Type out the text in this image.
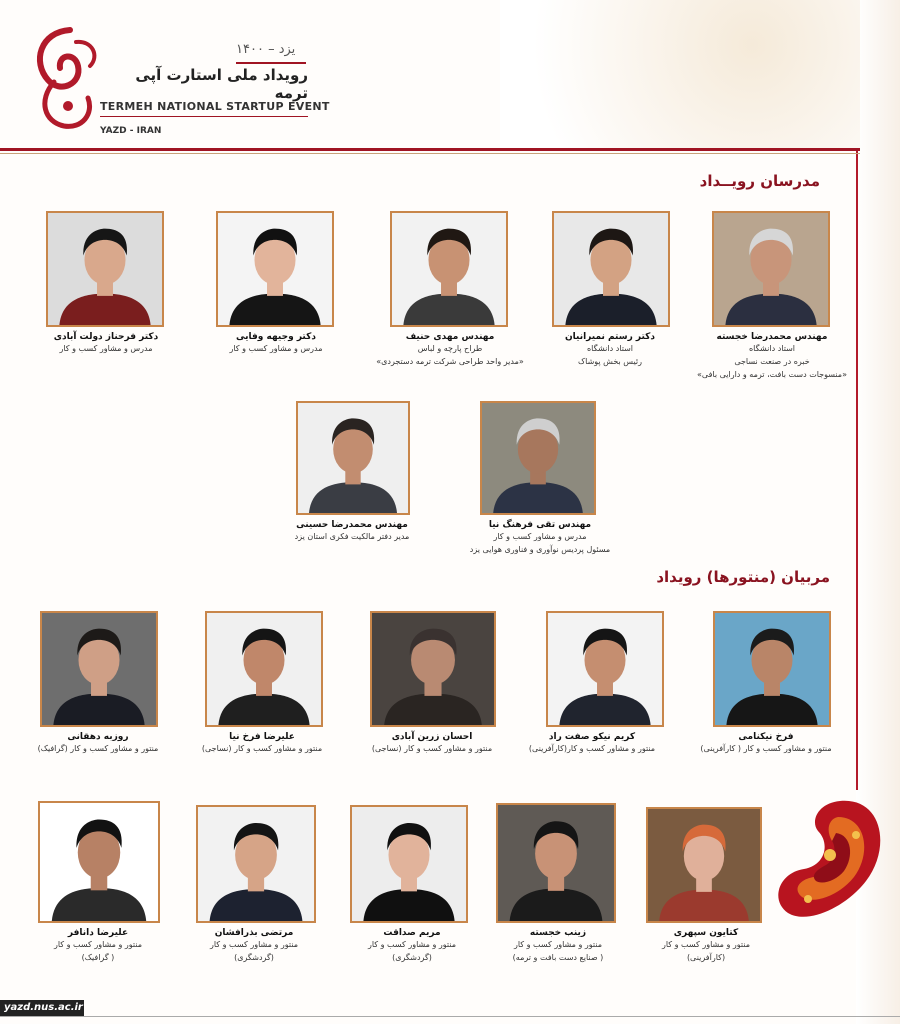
یزد – ۱۴۰۰
رویداد ملی استارت آپی ترمه
TERMEH NATIONAL STARTUP EVENT
YAZD - IRAN
مدرسان رویــداد
مربیان (منتورها) رویداد
مهندس محمدرضا خجسته
استاد دانشگاه
خبره در صنعت نساجی
«منسوجات دست بافت، ترمه و دارایی بافی»
دکتر رستم نمیرانیان
استاد دانشگاه
رئیس بخش پوشاک
مهندس مهدی حنیف
طراح پارچه و لباس
«مدیر واحد طراحی شرکت ترمه دستجردی»
دکتر وجیهه وفایی
مدرس و مشاور کسب و کار
دکتر فرحناز دولت آبادی
مدرس و مشاور کسب و کار
مهندس تقی فرهنگ نیا
مدرس و مشاور کسب و کار
مسئول پردیس نوآوری و فناوری هوایی یزد
مهندس محمدرضا حسینی
مدیر دفتر مالکیت فکری استان یزد
فرخ نیکنامی
منتور و مشاور کسب و کار ( کارآفرینی)
کریم نیکو صفت راد
منتور و مشاور کسب و کار(کارآفرینی)
احسان زرین آبادی
منتور و مشاور کسب و کار (نساجی)
علیرضا فرخ نیا
منتور و مشاور کسب و کار (نساجی)
روزبه دهقانی
منتور و مشاور کسب و کار (گرافیک)
کتایون سپهری
منتور و مشاور کسب و کار
(کارآفرینی)
زینب خجسته
منتور و مشاور کسب و کار
( صنایع دست بافت و ترمه)
مریم صداقت
منتور و مشاور کسب و کار
(گردشگری)
مرتضی بذرافشان
منتور و مشاور کسب و کار
(گردشگری)
علیرضا دانافر
منتور و مشاور کسب و کار
( گرافیک)
yazd.nus.ac.ir
